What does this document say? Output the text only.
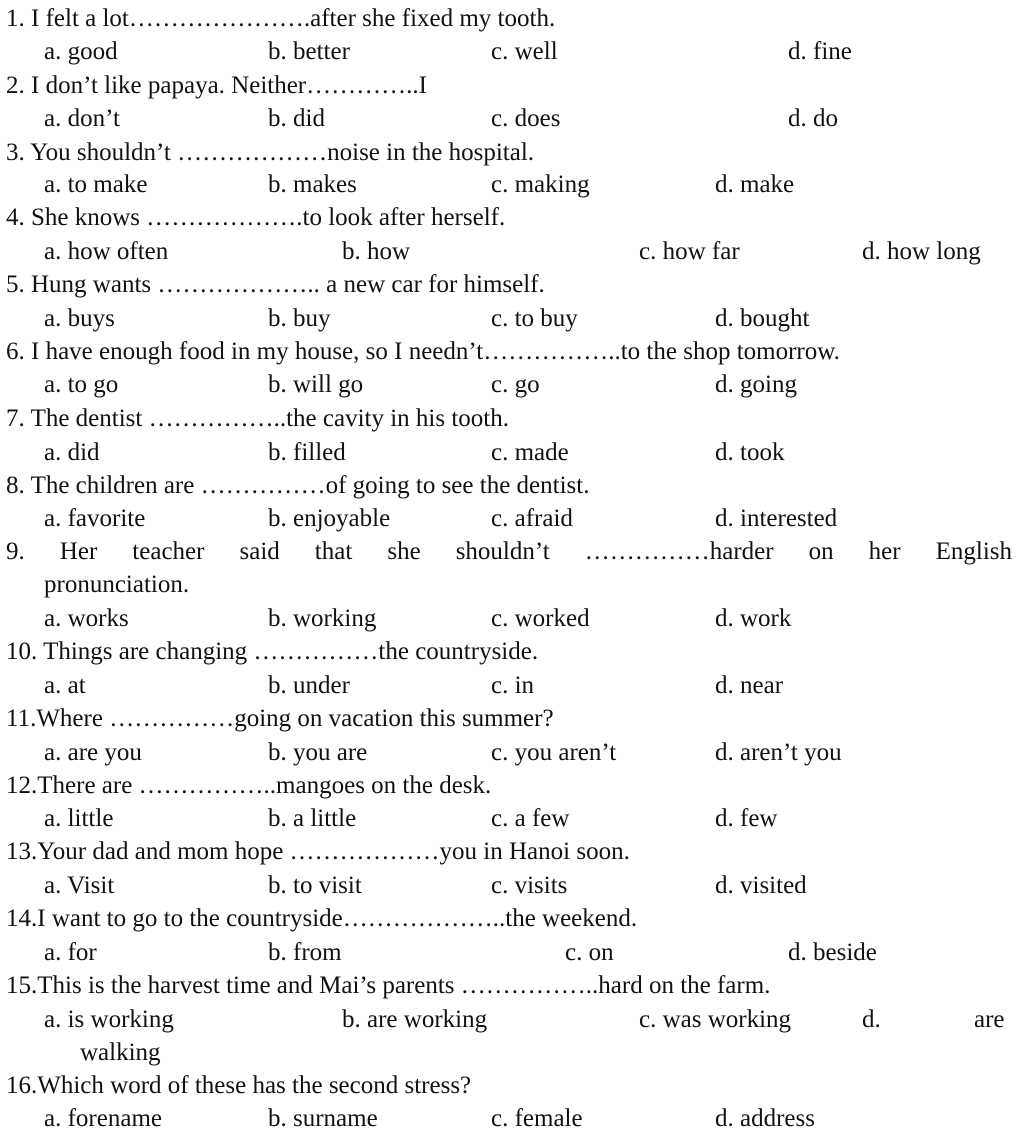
1. I felt a lot………………….after she fixed my tooth.
a. good	b. better	c. well	d. fine
2. I don’t like papaya. Neither…………..I
a. don’t	b. did	c. does	d. do
3. You shouldn’t ………………noise in the hospital.
a. to make	b. makes	c. making	d. make
4. She knows ……………….to look after herself.
a. how often	b. how	c. how far	d. how long
5. Hung wants ……………….. a new car for himself.
a. buys	b. buy	c. to buy	d. bought
6. I have enough food in my house, so I needn’t……………..to the shop tomorrow.
a. to go	b. will go	c. go	d. going
7. The dentist ……………..the cavity in his tooth.
a. did	b. filled	c. made	d. took
8. The children are ……………of going to see the dentist.
a. favorite	b. enjoyable	c. afraid	d. interested
9. Her teacher said that she shouldn’t ……………harder on her English
pronunciation.
a. works	b. working	c. worked	d. work
10. Things are changing ……………the countryside.
a. at	b. under	c. in	d. near
11.Where ……………going on vacation this summer?
a. are you	b. you are	c. you aren’t	d. aren’t you
12.There are ……………..mangoes on the desk.
a. little	b. a little	c. a few	d. few
13.Your dad and mom hope ………………you in Hanoi soon.
a. Visit	b. to visit	c. visits	d. visited
14.I want to go to the countryside………………..the weekend.
a. for	b. from	c. on	d. beside
15.This is the harvest time and Mai’s parents ……………..hard on the farm.
a. is working	b. are working	c. was working	d.	are
walking
16.Which word of these has the second stress?
a. forename	b. surname	c. female	d. address
